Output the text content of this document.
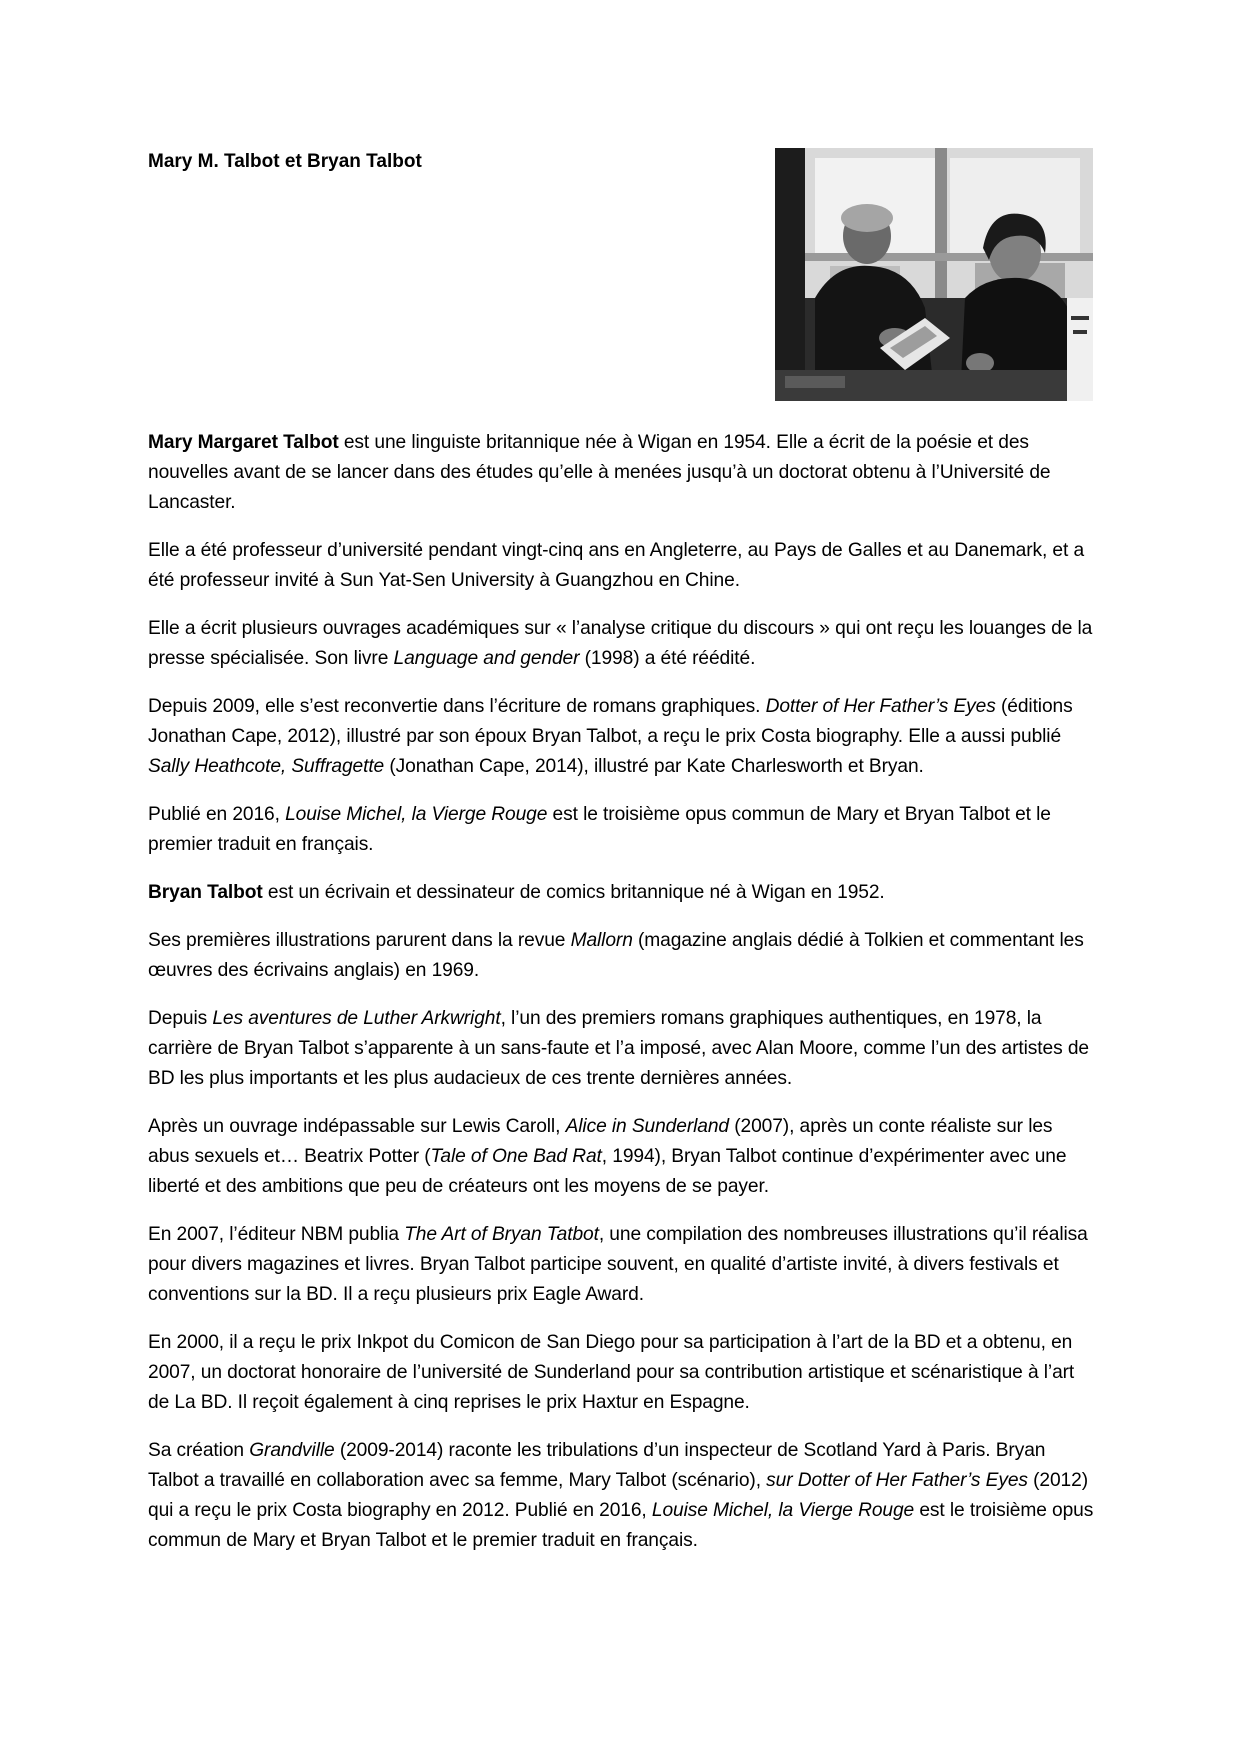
Mary M. Talbot et Bryan Talbot

Mary Margaret Talbot est une linguiste britannique née à Wigan en 1954. Elle a écrit de la poésie et des nouvelles avant de se lancer dans des études qu’elle à menées jusqu’à un doctorat obtenu à l’Université de Lancaster.

Elle a été professeur d’université pendant vingt-cinq ans en Angleterre, au Pays de Galles et au Danemark, et a été professeur invité à Sun Yat-Sen University à Guangzhou en Chine.

Elle a écrit plusieurs ouvrages académiques sur « l’analyse critique du discours » qui ont reçu les louanges de la presse spécialisée. Son livre Language and gender (1998) a été réédité.

Depuis 2009, elle s’est reconvertie dans l’écriture de romans graphiques. Dotter of Her Father’s Eyes (éditions Jonathan Cape, 2012), illustré par son époux Bryan Talbot, a reçu le prix Costa biography. Elle a aussi publié Sally Heathcote, Suffragette (Jonathan Cape, 2014), illustré par Kate Charlesworth et Bryan.

Publié en 2016, Louise Michel, la Vierge Rouge est le troisième opus commun de Mary et Bryan Talbot et le premier traduit en français.

Bryan Talbot est un écrivain et dessinateur de comics britannique né à Wigan en 1952.

Ses premières illustrations parurent dans la revue Mallorn (magazine anglais dédié à Tolkien et commentant les œuvres des écrivains anglais) en 1969.

Depuis Les aventures de Luther Arkwright, l’un des premiers romans graphiques authentiques, en 1978, la carrière de Bryan Talbot s’apparente à un sans-faute et l’a imposé, avec Alan Moore, comme l’un des artistes de BD les plus importants et les plus audacieux de ces trente dernières années.

Après un ouvrage indépassable sur Lewis Caroll, Alice in Sunderland (2007), après un conte réaliste sur les abus sexuels et… Beatrix Potter (Tale of One Bad Rat, 1994), Bryan Talbot continue d’expérimenter avec une liberté et des ambitions que peu de créateurs ont les moyens de se payer.

En 2007, l’éditeur NBM publia The Art of Bryan Tatbot, une compilation des nombreuses illustrations qu’il réalisa pour divers magazines et livres. Bryan Talbot participe souvent, en qualité d’artiste invité, à divers festivals et conventions sur la BD. Il a reçu plusieurs prix Eagle Award.

En 2000, il a reçu le prix Inkpot du Comicon de San Diego pour sa participation à l’art de la BD et a obtenu, en 2007, un doctorat honoraire de l’université de Sunderland pour sa contribution artistique et scénaristique à l’art de La BD. Il reçoit également à cinq reprises le prix Haxtur en Espagne.

Sa création Grandville (2009-2014) raconte les tribulations d’un inspecteur de Scotland Yard à Paris. Bryan Talbot a travaillé en collaboration avec sa femme, Mary Talbot (scénario), sur Dotter of Her Father’s Eyes (2012) qui a reçu le prix Costa biography en 2012. Publié en 2016, Louise Michel, la Vierge Rouge est le troisième opus commun de Mary et Bryan Talbot et le premier traduit en français.
